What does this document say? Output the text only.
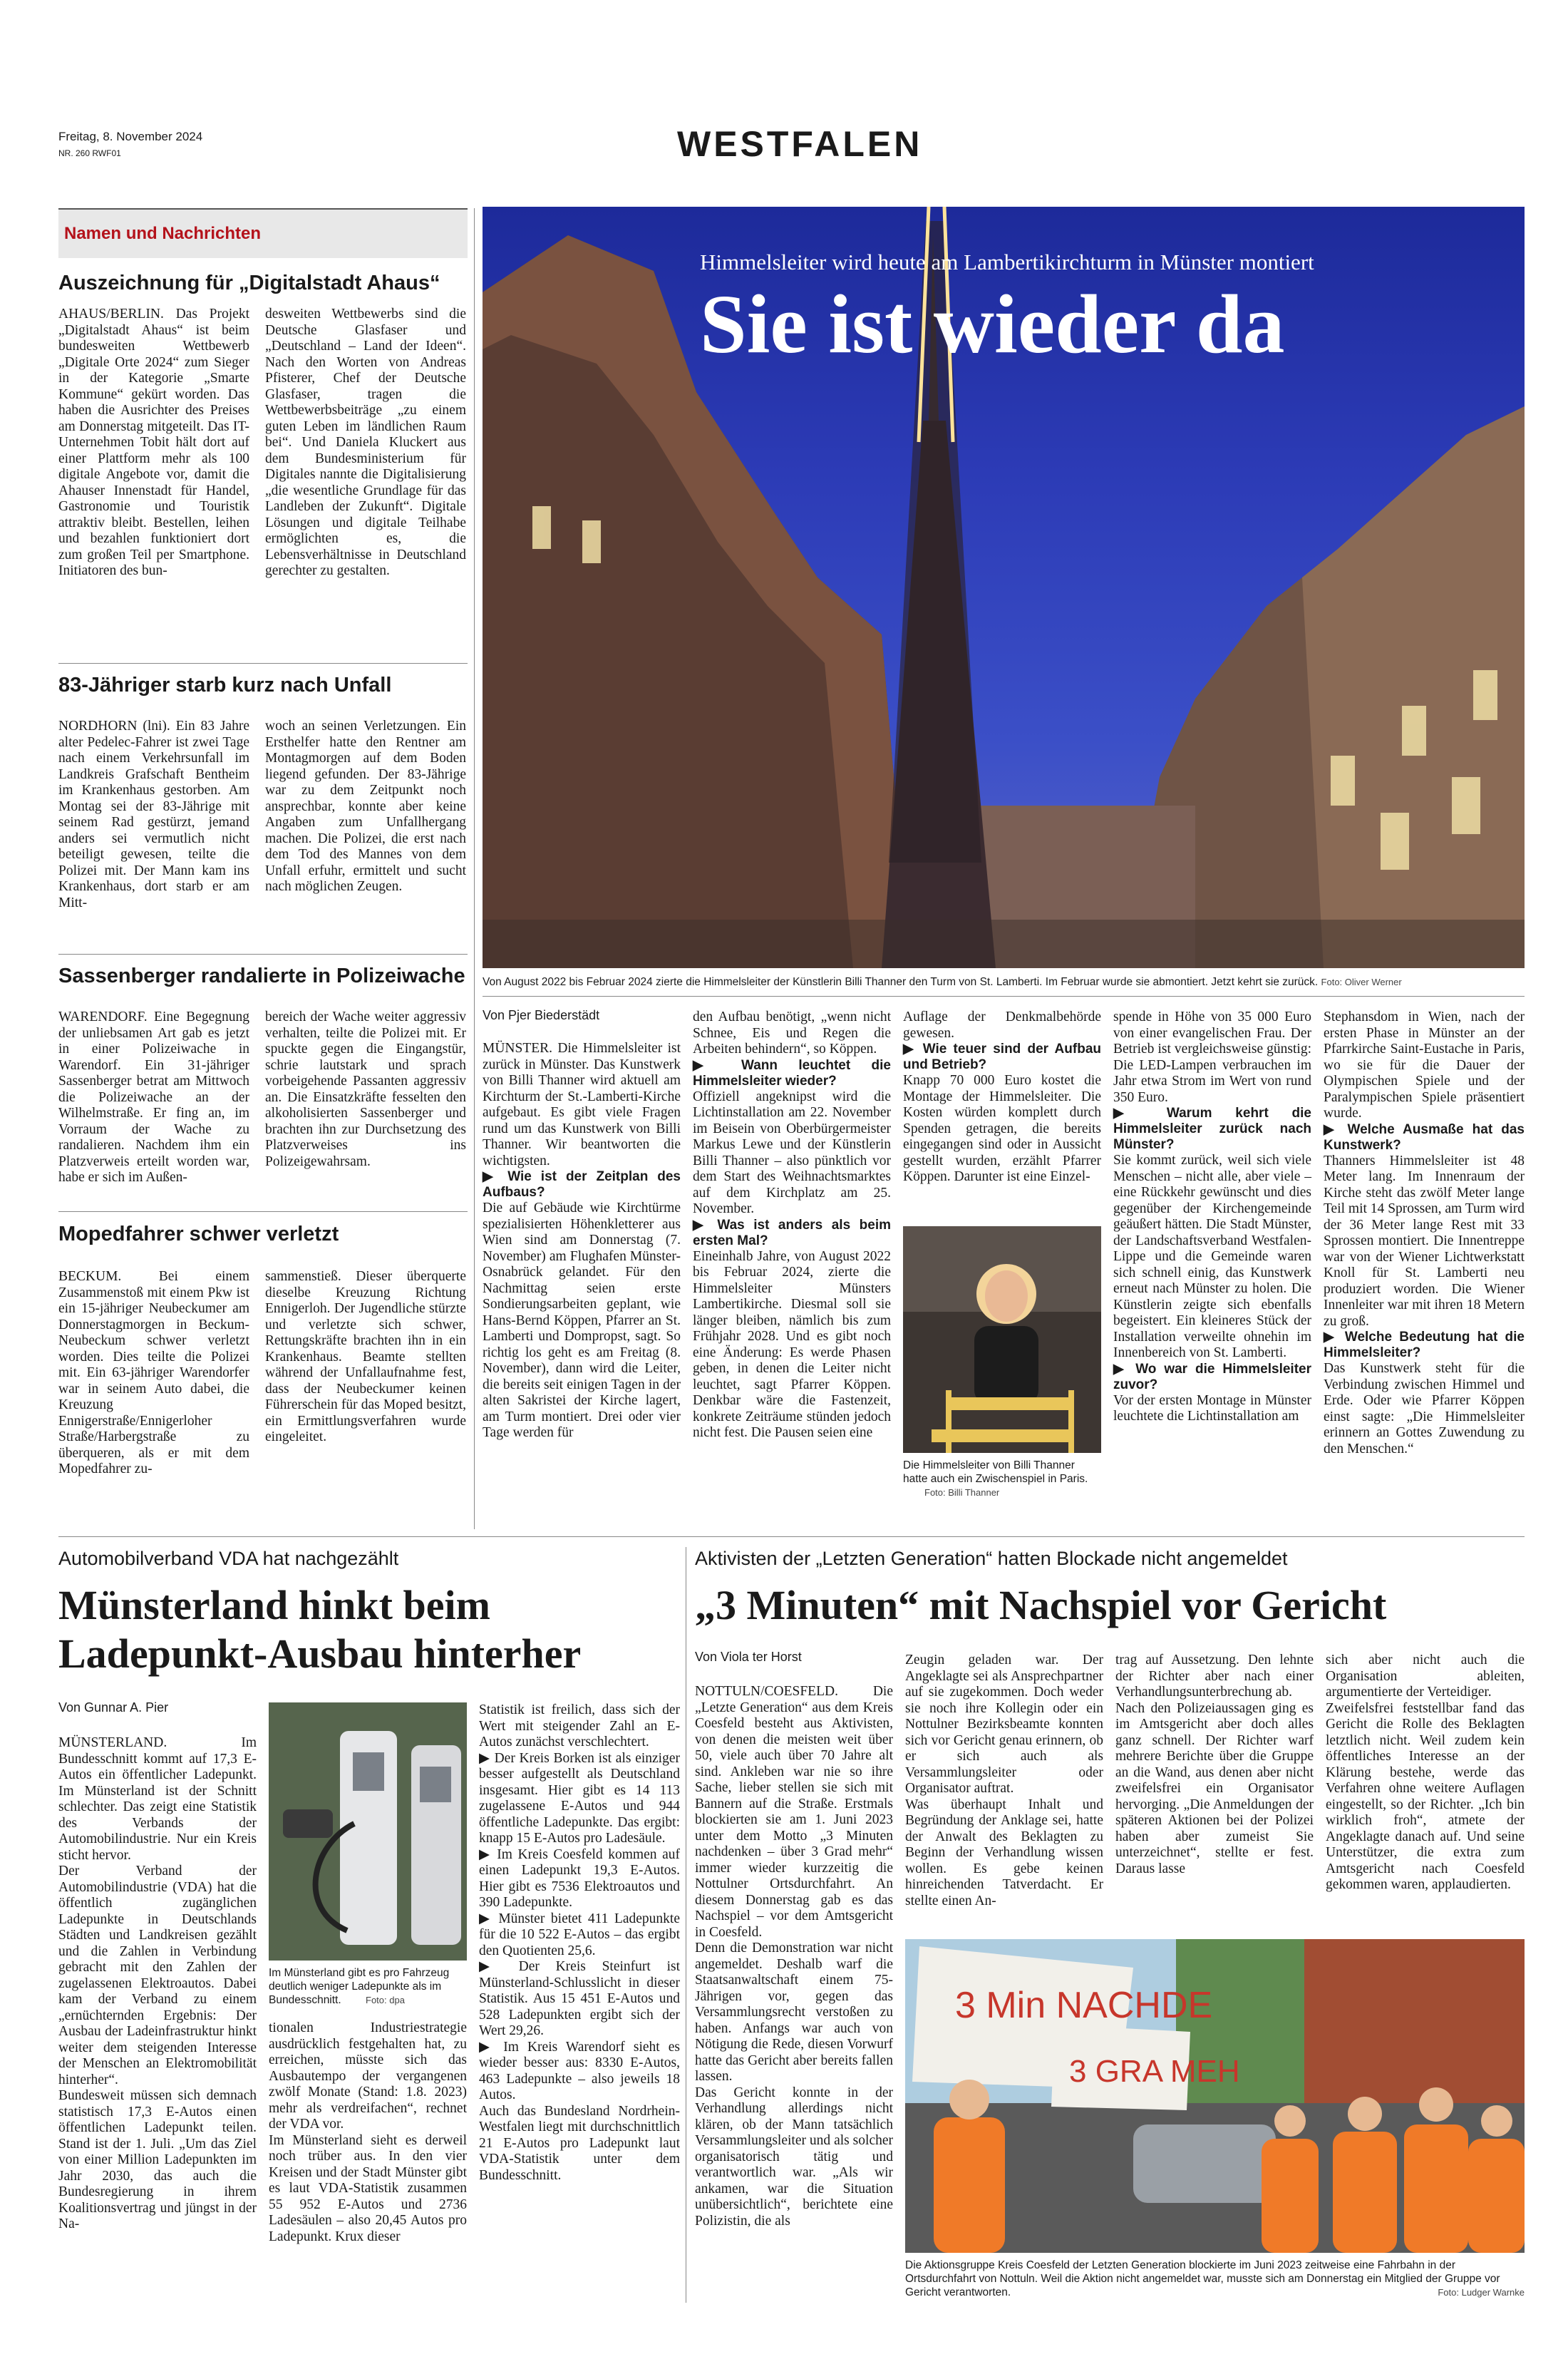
Freitag, 8. November 2024
NR. 260 RWF01	WESTFALEN
Namen und Nachrichten
Auszeichnung für „Digitalstadt Ahaus“
AHAUS/BERLIN. Das Projekt „Digitalstadt Ahaus“ ist beim bundesweiten Wettbewerb „Digitale Orte 2024“ zum Sieger in der Kategorie „Smarte Kommune“ gekürt worden. Das haben die Ausrichter des Preises am Donnerstag mitgeteilt. Das IT-Unternehmen Tobit hält dort auf einer Plattform mehr als 100 digitale Angebote vor, damit die Ahauser Innenstadt für Handel, Gastronomie und Touristik attraktiv bleibt. Bestellen, leihen und bezahlen funktioniert dort zum großen Teil per Smartphone. Initiatoren des bun-
desweiten Wettbewerbs sind die Deutsche Glasfaser und „Deutschland – Land der Ideen“. Nach den Worten von Andreas Pfisterer, Chef der Deutsche Glasfaser, tragen die Wettbewerbsbeiträge „zu einem guten Leben im ländlichen Raum bei“. Und Daniela Kluckert aus dem Bundesministerium für Digitales nannte die Digitalisierung „die wesentliche Grundlage für das Landleben der Zukunft“. Digitale Lösungen und digitale Teilhabe ermöglichten es, die Lebensverhältnisse in Deutschland gerechter zu gestalten.
83-Jähriger starb kurz nach Unfall
NORDHORN (lni). Ein 83 Jahre alter Pedelec-Fahrer ist zwei Tage nach einem Verkehrsunfall im Landkreis Grafschaft Bentheim im Krankenhaus gestorben. Am Montag sei der 83-Jährige mit seinem Rad gestürzt, jemand anders sei vermutlich nicht beteiligt gewesen, teilte die Polizei mit. Der Mann kam ins Krankenhaus, dort starb er am Mitt-
woch an seinen Verletzungen. Ein Ersthelfer hatte den Rentner am Montagmorgen auf dem Boden liegend gefunden. Der 83-Jährige war zu dem Zeitpunkt noch ansprechbar, konnte aber keine Angaben zum Unfallhergang machen. Die Polizei, die erst nach dem Tod des Mannes von dem Unfall erfuhr, ermittelt und sucht nach möglichen Zeugen.
Sassenberger randalierte in Polizeiwache
WARENDORF. Eine Begegnung der unliebsamen Art gab es jetzt in einer Polizeiwache in Warendorf. Ein 31-jähriger Sassenberger betrat am Mittwoch die Polizeiwache an der Wilhelmstraße. Er fing an, im Vorraum der Wache zu randalieren. Nachdem ihm ein Platzverweis erteilt worden war, habe er sich im Außen-
bereich der Wache weiter aggressiv verhalten, teilte die Polizei mit. Er spuckte gegen die Eingangstür, schrie lautstark und sprach vorbeigehende Passanten aggressiv an. Die Einsatzkräfte fesselten den alkoholisierten Sassenberger und brachten ihn zur Durchsetzung des Platzverweises ins Polizeigewahrsam.
Mopedfahrer schwer verletzt
BECKUM. Bei einem Zusammenstoß mit einem Pkw ist ein 15-jähriger Neubeckumer am Donnerstagmorgen in Beckum-Neubeckum schwer verletzt worden. Dies teilte die Polizei mit. Ein 63-jähriger Warendorfer war in seinem Auto dabei, die Kreuzung Ennigerstraße/Ennigerloher Straße/Harbergstraße zu überqueren, als er mit dem Mopedfahrer zu-
sammenstieß. Dieser überquerte dieselbe Kreuzung Richtung Ennigerloh. Der Jugendliche stürzte und verletzte sich schwer, Rettungskräfte brachten ihn in ein Krankenhaus. Beamte stellten während der Unfallaufnahme fest, dass der Neubeckumer keinen Führerschein für das Moped besitzt, ein Ermittlungsverfahren wurde eingeleitet.
Himmelsleiter wird heute am Lambertikirchturm in Münster montiert
Sie ist wieder da
Von August 2022 bis Februar 2024 zierte die Himmelsleiter der Künstlerin Billi Thanner den Turm von St. Lamberti. Im Februar wurde sie abmontiert. Jetzt kehrt sie zurück. Foto: Oliver Werner
Von Pjer Biederstädt
MÜNSTER. Die Himmelsleiter ist zurück in Münster. Das Kunstwerk von Billi Thanner wird aktuell am Kirchturm der St.-Lamberti-Kirche aufgebaut. Es gibt viele Fragen rund um das Kunstwerk von Billi Thanner. Wir beantworten die wichtigsten.
▶ Wie ist der Zeitplan des Aufbaus?
Die auf Gebäude wie Kirchtürme spezialisierten Höhenkletterer aus Wien sind am Donnerstag (7. November) am Flughafen Münster-Osnabrück gelandet. Für den Nachmittag seien erste Sondierungsarbeiten geplant, wie Hans-Bernd Köppen, Pfarrer an St. Lamberti und Dompropst, sagt. So richtig los geht es am Freitag (8. November), dann wird die Leiter, die bereits seit einigen Tagen in der alten Sakristei der Kirche lagert, am Turm montiert. Drei oder vier Tage werden für
den Aufbau benötigt, „wenn nicht Schnee, Eis und Regen die Arbeiten behindern“, so Köppen.
▶ Wann leuchtet die Himmelsleiter wieder?
Offiziell angeknipst wird die Lichtinstallation am 22. November im Beisein von Oberbürgermeister Markus Lewe und der Künstlerin Billi Thanner – also pünktlich vor dem Start des Weihnachtsmarktes auf dem Kirchplatz am 25. November.
▶ Was ist anders als beim ersten Mal?
Eineinhalb Jahre, von August 2022 bis Februar 2024, zierte die Himmelsleiter Münsters Lambertikirche. Diesmal soll sie länger bleiben, nämlich bis zum Frühjahr 2028. Und es gibt noch eine Änderung: Es werde Phasen geben, in denen die Leiter nicht leuchtet, sagt Pfarrer Köppen. Denkbar wäre die Fastenzeit, konkrete Zeiträume stünden jedoch nicht fest. Die Pausen seien eine
Auflage der Denkmalbehörde gewesen.
▶ Wie teuer sind der Aufbau und Betrieb?
Knapp 70 000 Euro kostet die Montage der Himmelsleiter. Die Kosten würden komplett durch Spenden getragen, die bereits eingegangen sind oder in Aussicht gestellt wurden, erzählt Pfarrer Köppen. Darunter ist eine Einzel-
Die Himmelsleiter von Billi Thanner hatte auch ein Zwischenspiel in Paris. Foto: Billi Thanner
spende in Höhe von 35 000 Euro von einer evangelischen Frau. Der Betrieb ist vergleichsweise günstig: Die LED-Lampen verbrauchen im Jahr etwa Strom im Wert von rund 350 Euro.
▶ Warum kehrt die Himmelsleiter zurück nach Münster?
Sie kommt zurück, weil sich viele Menschen – nicht alle, aber viele – eine Rückkehr gewünscht und dies gegenüber der Kirchengemeinde geäußert hätten. Die Stadt Münster, der Landschaftsverband Westfalen-Lippe und die Gemeinde waren sich schnell einig, das Kunstwerk erneut nach Münster zu holen. Die Künstlerin zeigte sich ebenfalls begeistert. Ein kleineres Stück der Installation verweilte ohnehin im Innenbereich von St. Lamberti.
▶ Wo war die Himmelsleiter zuvor?
Vor der ersten Montage in Münster leuchtete die Lichtinstallation am
Stephansdom in Wien, nach der ersten Phase in Münster an der Pfarrkirche Saint-Eustache in Paris, wo sie für die Dauer der Olympischen Spiele und der Paralympischen Spiele präsentiert wurde.
▶ Welche Ausmaße hat das Kunstwerk?
Thanners Himmelsleiter ist 48 Meter lang. Im Innenraum der Kirche steht das zwölf Meter lange Teil mit 14 Sprossen, am Turm wird der 36 Meter lange Rest mit 33 Sprossen montiert. Die Innentreppe war von der Wiener Lichtwerkstatt Knoll für St. Lamberti neu produziert worden. Die Wiener Innenleiter war mit ihren 18 Metern zu groß.
▶ Welche Bedeutung hat die Himmelsleiter?
Das Kunstwerk steht für die Verbindung zwischen Himmel und Erde. Oder wie Pfarrer Köppen einst sagte: „Die Himmelsleiter erinnern an Gottes Zuwendung zu den Menschen.“
Automobilverband VDA hat nachgezählt
Münsterland hinkt beim
Ladepunkt-Ausbau hinterher
Von Gunnar A. Pier
MÜNSTERLAND. Im Bundesschnitt kommt auf 17,3 E-Autos ein öffentlicher Ladepunkt. Im Münsterland ist der Schnitt schlechter. Das zeigt eine Statistik des Verbands der Automobilindustrie. Nur ein Kreis sticht hervor.
Der Verband der Automobilindustrie (VDA) hat die öffentlich zugänglichen Ladepunkte in Deutschlands Städten und Landkreisen gezählt und die Zahlen in Verbindung gebracht mit den Zahlen der zugelassenen Elektroautos. Dabei kam der Verband zu einem „ernüchternden Ergebnis: Der Ausbau der Ladeinfrastruktur hinkt weiter dem steigenden Interesse der Menschen an Elektromobilität hinterher“.
Bundesweit müssen sich demnach statistisch 17,3 E-Autos einen öffentlichen Ladepunkt teilen. Stand ist der 1. Juli. „Um das Ziel von einer Million Ladepunkten im Jahr 2030, das auch die Bundesregierung in ihrem Koalitionsvertrag und jüngst in der Na-
Im Münsterland gibt es pro Fahrzeug deutlich weniger Ladepunkte als im Bundesschnitt.	Foto: dpa
tionalen Industriestrategie ausdrücklich festgehalten hat, zu erreichen, müsste sich das Ausbautempo der vergangenen zwölf Monate (Stand: 1.8. 2023) mehr als verdreifachen“, rechnet der VDA vor.
Im Münsterland sieht es derweil noch trüber aus. In den vier Kreisen und der Stadt Münster gibt es laut VDA-Statistik zusammen 55 952 E-Autos und 2736 Ladesäulen – also 20,45 Autos pro Ladepunkt. Krux dieser
Statistik ist freilich, dass sich der Wert mit steigender Zahl an E-Autos zunächst verschlechtert.
▶ Der Kreis Borken ist als einziger besser aufgestellt als Deutschland insgesamt. Hier gibt es 14 113 zugelassene E-Autos und 944 öffentliche Ladepunkte. Das ergibt: knapp 15 E-Autos pro Ladesäule.
▶ Im Kreis Coesfeld kommen auf einen Ladepunkt 19,3 E-Autos. Hier gibt es 7536 Elektroautos und 390 Ladepunkte.
▶ Münster bietet 411 Ladepunkte für die 10 522 E-Autos – das ergibt den Quotienten 25,6.
▶ Der Kreis Steinfurt ist Münsterland-Schlusslicht in dieser Statistik. Aus 15 451 E-Autos und 528 Ladepunkten ergibt sich der Wert 29,26.
▶ Im Kreis Warendorf sieht es wieder besser aus: 8330 E-Autos, 463 Ladepunkte – also jeweils 18 Autos.
Auch das Bundesland Nordrhein-Westfalen liegt mit durchschnittlich 21 E-Autos pro Ladepunkt laut VDA-Statistik unter dem Bundesschnitt.
Aktivisten der „Letzten Generation“ hatten Blockade nicht angemeldet
„3 Minuten“ mit Nachspiel vor Gericht
Von Viola ter Horst
NOTTULN/COESFELD. Die „Letzte Generation“ aus dem Kreis Coesfeld besteht aus Aktivisten, von denen die meisten weit über 50, viele auch über 70 Jahre alt sind. Ankleben war nie so ihre Sache, lieber stellen sie sich mit Bannern auf die Straße. Erstmals blockierten sie am 1. Juni 2023 unter dem Motto „3 Minuten nachdenken – über 3 Grad mehr“ immer wieder kurzzeitig die Nottulner Ortsdurchfahrt. An diesem Donnerstag gab es das Nachspiel – vor dem Amtsgericht in Coesfeld.
Denn die Demonstration war nicht angemeldet. Deshalb warf die Staatsanwaltschaft einem 75-Jährigen vor, gegen das Versammlungsrecht verstoßen zu haben. Anfangs war auch von Nötigung die Rede, diesen Vorwurf hatte das Gericht aber bereits fallen lassen.
Das Gericht konnte in der Verhandlung allerdings nicht klären, ob der Mann tatsächlich Versammlungsleiter und als solcher organisatorisch tätig und verantwortlich war. „Als wir ankamen, war die Situation unübersichtlich“, berichtete eine Polizistin, die als
Zeugin geladen war. Der Angeklagte sei als Ansprechpartner auf sie zugekommen. Doch weder sie noch ihre Kollegin oder ein Nottulner Bezirksbeamte konnten sich vor Gericht genau erinnern, ob er sich auch als Versammlungsleiter oder Organisator auftrat.
Was überhaupt Inhalt und Begründung der Anklage sei, hatte der Anwalt des Beklagten zu Beginn der Verhandlung wissen wollen. Es gebe keinen hinreichenden Tatverdacht. Er stellte einen An-
trag auf Aussetzung. Den lehnte der Richter aber nach einer Verhandlungsunterbrechung ab.
Nach den Polizeiaussagen ging es im Amtsgericht aber doch alles ganz schnell. Der Richter warf mehrere Berichte über die Gruppe an die Wand, aus denen aber nicht zweifelsfrei ein Organisator hervorging. „Die Anmeldungen der späteren Aktionen bei der Polizei haben aber zumeist Sie unterzeichnet“, stellte er fest. Daraus lasse
sich aber nicht auch die Organisation ableiten, argumentierte der Verteidiger.
Zweifelsfrei feststellbar fand das Gericht die Rolle des Beklagten letztlich nicht. Weil zudem kein öffentliches Interesse an der Klärung bestehe, werde das Verfahren ohne weitere Auflagen eingestellt, so der Richter. „Ich bin wirklich froh“, atmete der Angeklagte danach auf. Und seine Unterstützer, die extra zum Amtsgericht nach Coesfeld gekommen waren, applaudierten.
3 Min NACHDE
3 GRA MEH
Die Aktionsgruppe Kreis Coesfeld der Letzten Generation blockierte im Juni 2023 zeitweise eine Fahrbahn in der Ortsdurchfahrt von Nottuln. Weil die Aktion nicht angemeldet war, musste sich am Donnerstag ein Mitglied der Gruppe vor Gericht verantworten.	Foto: Ludger Warnke
